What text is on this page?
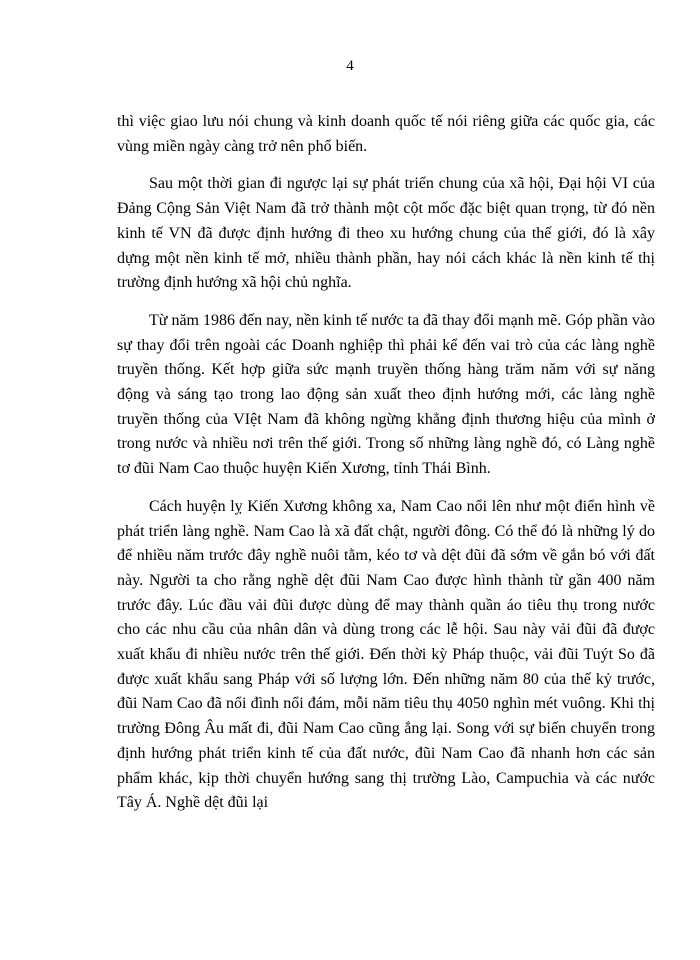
4

thì việc giao lưu nói chung và kinh doanh quốc tế nói riêng giữa các quốc gia, các vùng miền ngày càng trở nên phổ biến.

Sau một thời gian đi ngược lại sự phát triển chung của xã hội, Đại hội VI của Đảng Cộng Sản Việt Nam đã trở thành một cột mốc đặc biệt quan trọng, từ đó nền kinh tế VN đã được định hướng đi theo xu hướng chung của thế giới, đó là xây dựng một nền kinh tế mở, nhiều thành phần, hay nói cách khác là nền kinh tế thị trường định hướng xã hội chủ nghĩa.

Từ năm 1986 đến nay, nền kinh tế nước ta đã thay đổi mạnh mẽ. Góp phần vào sự thay đổi trên ngoài các Doanh nghiệp thì phải kể đến vai trò của các làng nghề truyền thống. Kết hợp giữa sức mạnh truyền thống hàng trăm năm với sự năng động và sáng tạo trong lao động sản xuất theo định hướng mới, các làng nghề truyền thống của VIệt Nam đã không ngừng khẳng định thương hiệu của mình ở trong nước và nhiều nơi trên thế giới. Trong số những làng nghề đó, có Làng nghề tơ đũi Nam Cao thuộc huyện Kiến Xương, tỉnh Thái Bình.

Cách huyện lỵ Kiến Xương không xa, Nam Cao nổi lên như một điển hình về phát triển làng nghề. Nam Cao là xã đất chật, người đông. Có thể đó là những lý do để nhiều năm trước đây nghề nuôi tằm, kéo tơ và dệt đũi đã sớm về gắn bó với đất này. Người ta cho rằng nghề dệt đũi Nam Cao được hình thành từ gần 400 năm trước đây. Lúc đầu vải đũi được dùng để may thành quần áo tiêu thụ trong nước cho các nhu cầu của nhân dân và dùng trong các lễ hội. Sau này vải đũi đã được xuất khẩu đi nhiều nước trên thế giới. Đến thời kỳ Pháp thuộc, vải đũi Tuýt So đã được xuất khẩu sang Pháp với số lượng lớn. Đến những năm 80 của thế kỷ trước, đũi Nam Cao đã nổi đình nổi đám, mỗi năm tiêu thụ 4050 nghìn mét vuông. Khi thị trường Đông Âu mất đi, đũi Nam Cao cũng ắng lại. Song với sự biến chuyển trong định hướng phát triển kinh tế của đất nước, đũi Nam Cao đã nhanh hơn các sản phẩm khác, kịp thời chuyển hướng sang thị trường Lào, Campuchia và các nước Tây Á. Nghề dệt đũi lại
